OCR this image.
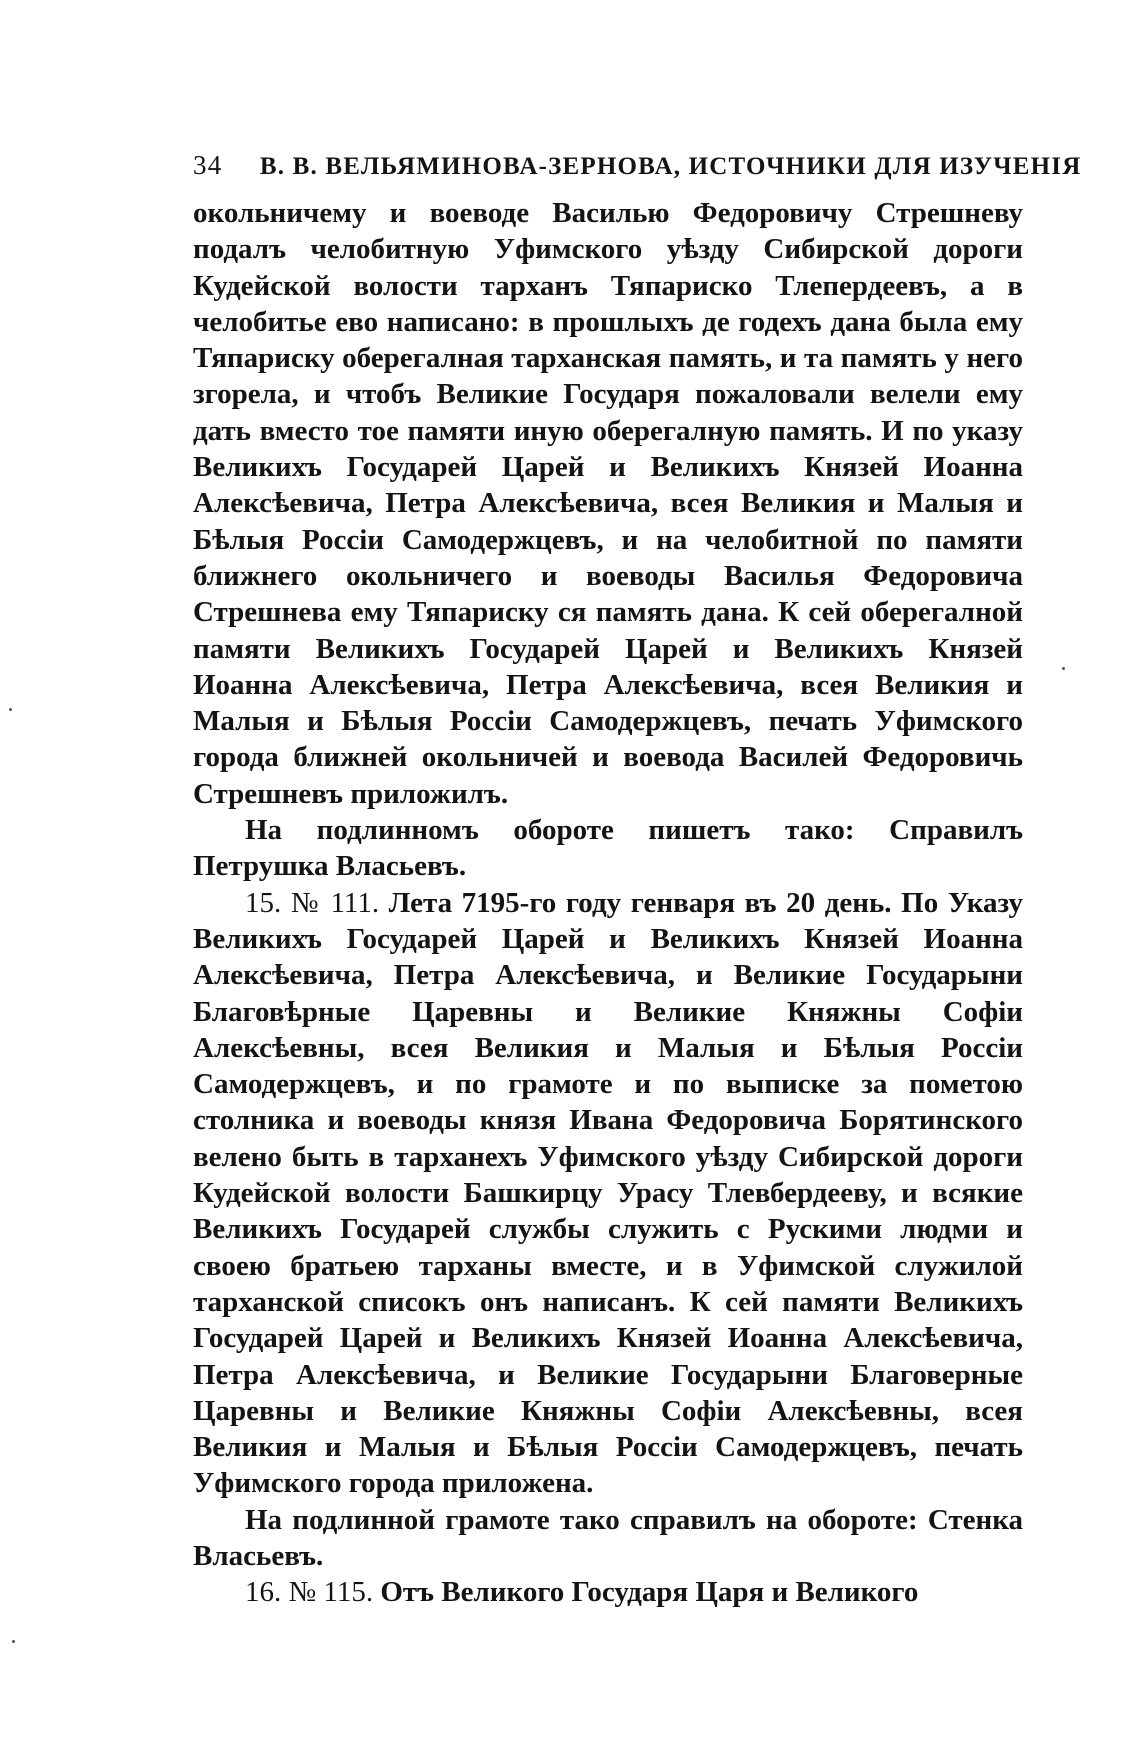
34 В. В. ВЕЛЬЯМИНОВА-ЗЕРНОВА, ИСТОЧНИКИ ДЛЯ ИЗУЧЕНІЯ

окольничему и воеводе Василью Федоровичу Стрешневу подалъ челобитную Уфимского уѣзду Сибирской дороги Кудейской волости тарханъ Тяпариско Тлепердеевъ, а в челобитье ево написано: в прошлыхъ де годехъ дана была ему Тяпариску оберегалная тарханская память, и та память у него згорела, и чтобъ Великие Государя пожаловали велели ему дать вместо тое памяти иную оберегалную память. И по указу Великихъ Государей Царей и Великихъ Князей Иоанна Алексѣевича, Петра Алексѣевича, всея Великия и Малыя и Бѣлыя Россіи Самодержцевъ, и на челобитной по памяти ближнего окольничего и воеводы Василья Федоровича Стрешнева ему Тяпариску ся память дана. К сей оберегалной памяти Великихъ Государей Царей и Великихъ Князей Иоанна Алексѣевича, Петра Алексѣевича, всея Великия и Малыя и Бѣлыя Россіи Самодержцевъ, печать Уфимского города ближней окольничей и воевода Василей Федоровичь Стрешневъ приложилъ.

На подлинномъ обороте пишетъ тако: Справилъ Петрушка Власьевъ.

15. № 111. Лета 7195-го году генваря въ 20 день. По Указу Великихъ Государей Царей и Великихъ Князей Иоанна Алексѣевича, Петра Алексѣевича, и Великие Государыни Благовѣрные Царевны и Великие Княжны Софіи Алексѣевны, всея Великия и Малыя и Бѣлыя Россіи Самодержцевъ, и по грамоте и по выписке за пометою столника и воеводы князя Ивана Федоровича Борятинского велено быть в тарханехъ Уфимского уѣзду Сибирской дороги Кудейской волости Башкирцу Урасу Тлевбердееву, и всякие Великихъ Государей службы служить с Рускими людми и своею братьею тарханы вместе, и в Уфимской служилой тарханской списокъ онъ написанъ. К сей памяти Великихъ Государей Царей и Великихъ Князей Иоанна Алексѣевича, Петра Алексѣевича, и Великие Государыни Благоверные Царевны и Великие Княжны Софіи Алексѣевны, всея Великия и Малыя и Бѣлыя Россіи Самодержцевъ, печать Уфимского города приложена.

На подлинной грамоте тако справилъ на обороте: Стенка Власьевъ.

16. № 115. Отъ Великого Государя Царя и Великого
